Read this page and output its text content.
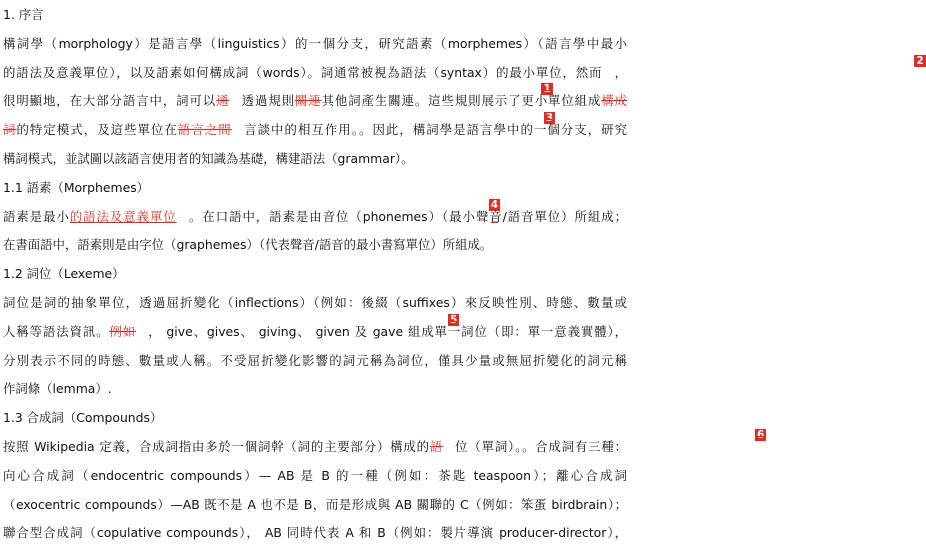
1. 序言
構詞學（morphology）是語言學（linguistics）的一個分支，研究語素（morphemes）（語言學中最小
的語法及意義單位），以及語素如何構成詞（words）。詞通常被視為語法（syntax）的最小單位，然而$^2$，
很明顯地，在大部分語言中，詞可以通$^1$透過規則關連其他詞產生關連。這些規則展示了更小單位組成構成
詞的特定模式，及這些單位在語言之間$^3$言談中的相互作用。。因此，構詞學是語言學中的一個分支，研究
構詞模式，並試圖以該語言使用者的知識為基礎，構建語法（grammar）。
1.1 語素（Morphemes）
語素是最小的語法及意義單位$^4$。在口語中，語素是由音位（phonemes）（最小聲音/語音單位）所組成；
在書面語中，語素則是由字位（graphemes）（代表聲音/語音的最小書寫單位）所組成。
1.2 詞位（Lexeme）
詞位是詞的抽象單位，透過屈折變化（inflections）（例如：後綴（suffixes）來反映性別、時態、數量或
人稱等語法資訊。例如$^5$， give、gives、 giving、 given 及 gave 組成單一詞位（即：單一意義實體），
分別表示不同的時態、數量或人稱。不受屈折變化影響的詞元稱為詞位，僅具少量或無屈折變化的詞元稱
作詞條（lemma）.
1.3 合成詞（Compounds）
按照 Wikipedia 定義，合成詞指由多於一個詞幹（詞的主要部分）構成的語$^6$位（單詞）。。合成詞有三種：
向心合成詞（endocentric compounds）— AB 是 B 的一種（例如：茶匙 teaspoon）；離心合成詞
（exocentric compounds）—AB 既不是 A 也不是 B，而是形成與 AB 關聯的 C（例如：笨蛋 birdbrain）；
聯合型合成詞（copulative compounds）， AB 同時代表 A 和 B（例如：製片導演 producer-director），
